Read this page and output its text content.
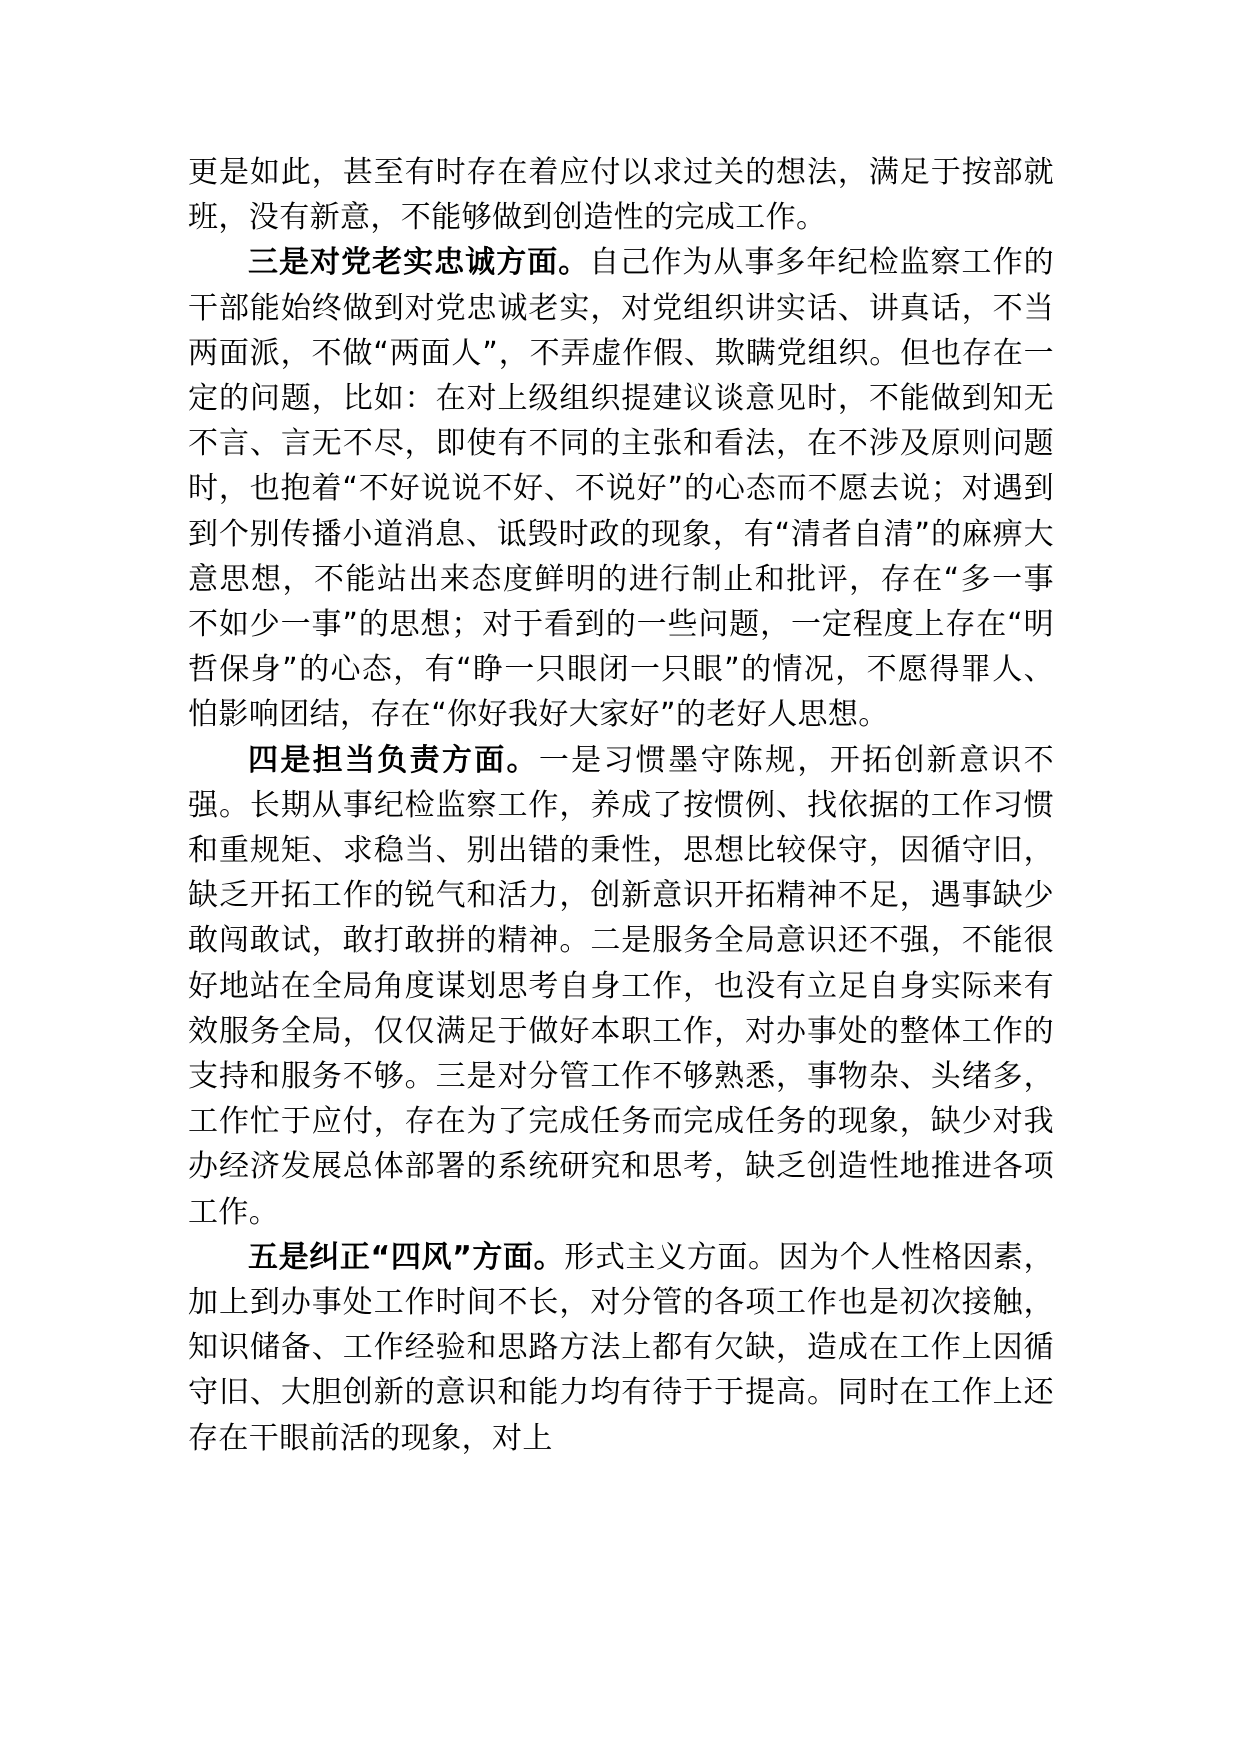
更是如此，甚至有时存在着应付以求过关的想法，满足于按部就班，没有新意，不能够做到创造性的完成工作。

三是对党老实忠诚方面。自己作为从事多年纪检监察工作的干部能始终做到对党忠诚老实，对党组织讲实话、讲真话，不当两面派，不做“两面人”，不弄虚作假、欺瞒党组织。但也存在一定的问题，比如：在对上级组织提建议谈意见时，不能做到知无不言、言无不尽，即使有不同的主张和看法，在不涉及原则问题时，也抱着“不好说说不好、不说好”的心态而不愿去说；对遇到到个别传播小道消息、诋毁时政的现象，有“清者自清”的麻痹大意思想，不能站出来态度鲜明的进行制止和批评，存在“多一事不如少一事”的思想；对于看到的一些问题，一定程度上存在“明哲保身”的心态，有“睁一只眼闭一只眼”的情况，不愿得罪人、怕影响团结，存在“你好我好大家好”的老好人思想。

四是担当负责方面。一是习惯墨守陈规，开拓创新意识不强。长期从事纪检监察工作，养成了按惯例、找依据的工作习惯和重规矩、求稳当、别出错的秉性，思想比较保守，因循守旧，缺乏开拓工作的锐气和活力，创新意识开拓精神不足，遇事缺少敢闯敢试，敢打敢拼的精神。二是服务全局意识还不强，不能很好地站在全局角度谋划思考自身工作，也没有立足自身实际来有效服务全局，仅仅满足于做好本职工作，对办事处的整体工作的支持和服务不够。三是对分管工作不够熟悉，事物杂、头绪多，工作忙于应付，存在为了完成任务而完成任务的现象，缺少对我办经济发展总体部署的系统研究和思考，缺乏创造性地推进各项工作。

五是纠正“四风”方面。形式主义方面。因为个人性格因素，加上到办事处工作时间不长，对分管的各项工作也是初次接触，知识储备、工作经验和思路方法上都有欠缺，造成在工作上因循守旧、大胆创新的意识和能力均有待于于提高。同时在工作上还存在干眼前活的现象，对上
